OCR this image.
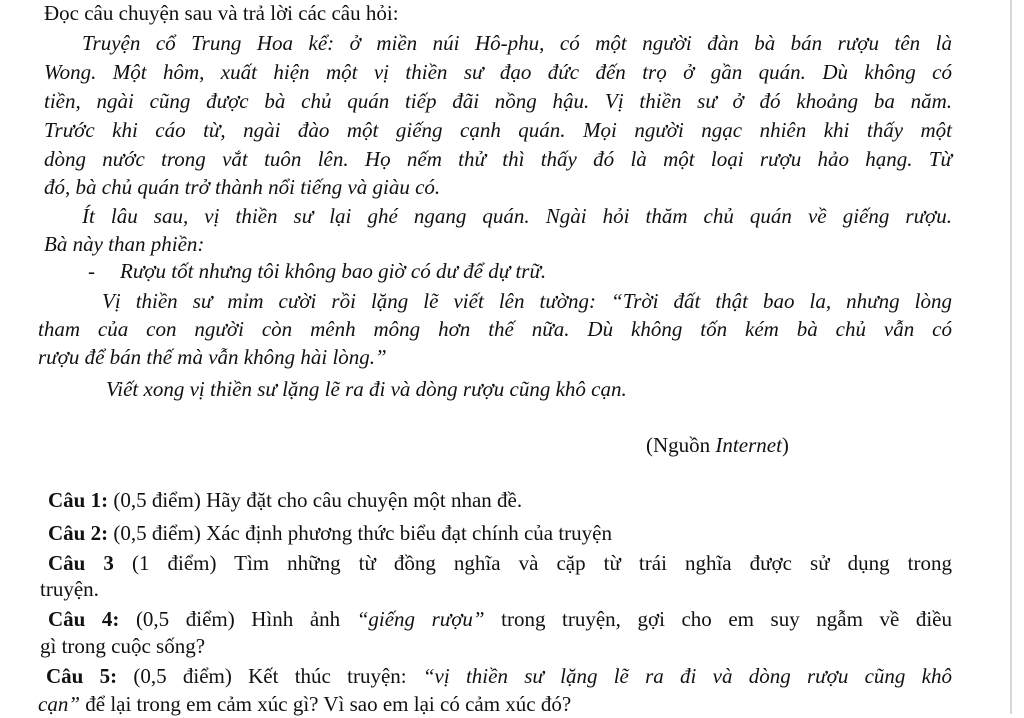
Đọc câu chuyện sau và trả lời các câu hỏi:
Truyện cổ Trung Hoa kể: ở miền núi Hô-phu, có một người đàn bà bán rượu tên là
Wong. Một hôm, xuất hiện một vị thiền sư đạo đức đến trọ ở gần quán. Dù không có
tiền, ngài cũng được bà chủ quán tiếp đãi nồng hậu. Vị thiền sư ở đó khoảng ba năm.
Trước khi cáo từ, ngài đào một giếng cạnh quán. Mọi người ngạc nhiên khi thấy một
dòng nước trong vắt tuôn lên. Họ nếm thử thì thấy đó là một loại rượu hảo hạng. Từ
đó, bà chủ quán trở thành nổi tiếng và giàu có.
Ít lâu sau, vị thiền sư lại ghé ngang quán. Ngài hỏi thăm chủ quán về giếng rượu.
Bà này than phiền:
- Rượu tốt nhưng tôi không bao giờ có dư để dự trữ.
Vị thiền sư mỉm cười rồi lặng lẽ viết lên tường: “Trời đất thật bao la, nhưng lòng
tham của con người còn mênh mông hơn thế nữa. Dù không tốn kém bà chủ vẫn có
rượu để bán thế mà vẫn không hài lòng.”
Viết xong vị thiền sư lặng lẽ ra đi và dòng rượu cũng khô cạn.
(Nguồn Internet)
Câu 1: (0,5 điểm) Hãy đặt cho câu chuyện một nhan đề.
Câu 2: (0,5 điểm) Xác định phương thức biểu đạt chính của truyện
Câu 3 (1 điểm) Tìm những từ đồng nghĩa và cặp từ trái nghĩa được sử dụng trong
truyện.
Câu 4: (0,5 điểm) Hình ảnh “giếng rượu” trong truyện, gợi cho em suy ngẫm về điều
gì trong cuộc sống?
Câu 5: (0,5 điểm) Kết thúc truyện: “vị thiền sư lặng lẽ ra đi và dòng rượu cũng khô
cạn” để lại trong em cảm xúc gì? Vì sao em lại có cảm xúc đó?
